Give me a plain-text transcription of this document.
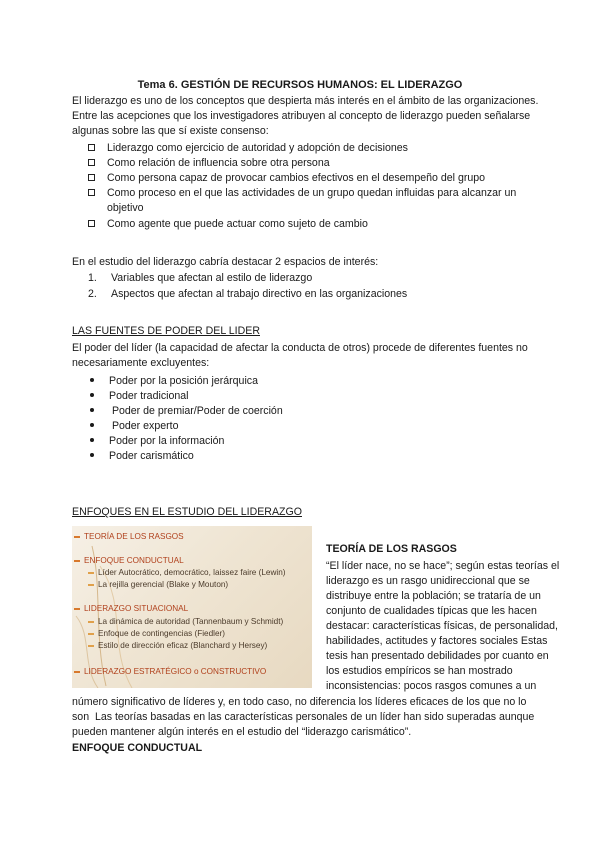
Tema 6. GESTIÓN DE RECURSOS HUMANOS: EL LIDERAZGO
El liderazgo es uno de los conceptos que despierta más interés en el ámbito de las organizaciones.
Entre las acepciones que los investigadores atribuyen al concepto de liderazgo pueden señalarse
algunas sobre las que sí existe consenso:
Liderazgo como ejercicio de autoridad y adopción de decisiones
Como relación de influencia sobre otra persona
Como persona capaz de provocar cambios efectivos en el desempeño del grupo
Como proceso en el que las actividades de un grupo quedan influidas para alcanzar un
objetivo
Como agente que puede actuar como sujeto de cambio
En el estudio del liderazgo cabría destacar 2 espacios de interés:
1. Variables que afectan al estilo de liderazgo
2. Aspectos que afectan al trabajo directivo en las organizaciones
LAS FUENTES DE PODER DEL LIDER
El poder del líder (la capacidad de afectar la conducta de otros) procede de diferentes fuentes no
necesariamente excluyentes:
Poder por la posición jerárquica
Poder tradicional
Poder de premiar/Poder de coerción
Poder experto
Poder por la información
Poder carismático
ENFOQUES EN EL ESTUDIO DEL LIDERAZGO
TEORÍA DE LOS RASGOS
ENFOQUE CONDUCTUAL
Líder Autocrático, democrático, laissez faire (Lewin)
La rejilla gerencial (Blake y Mouton)
LIDERAZGO SITUACIONAL
La dinámica de autoridad (Tannenbaum y Schmidt)
Enfoque de contingencias (Fiedler)
Estilo de dirección eficaz (Blanchard y Hersey)
LIDERAZGO ESTRATÉGICO o CONSTRUCTIVO
TEORÍA DE LOS RASGOS
“El líder nace, no se hace”; según estas teorías el
liderazgo es un rasgo unidireccional que se
distribuye entre la población; se trataría de un
conjunto de cualidades típicas que les hacen
destacar: características físicas, de personalidad,
habilidades, actitudes y factores sociales Estas
tesis han presentado debilidades por cuanto en
los estudios empíricos se han mostrado
inconsistencias: pocos rasgos comunes a un
número significativo de líderes y, en todo caso, no diferencia los líderes eficaces de los que no lo
son  Las teorías basadas en las características personales de un líder han sido superadas aunque
pueden mantener algún interés en el estudio del “liderazgo carismático”.
ENFOQUE CONDUCTUAL
